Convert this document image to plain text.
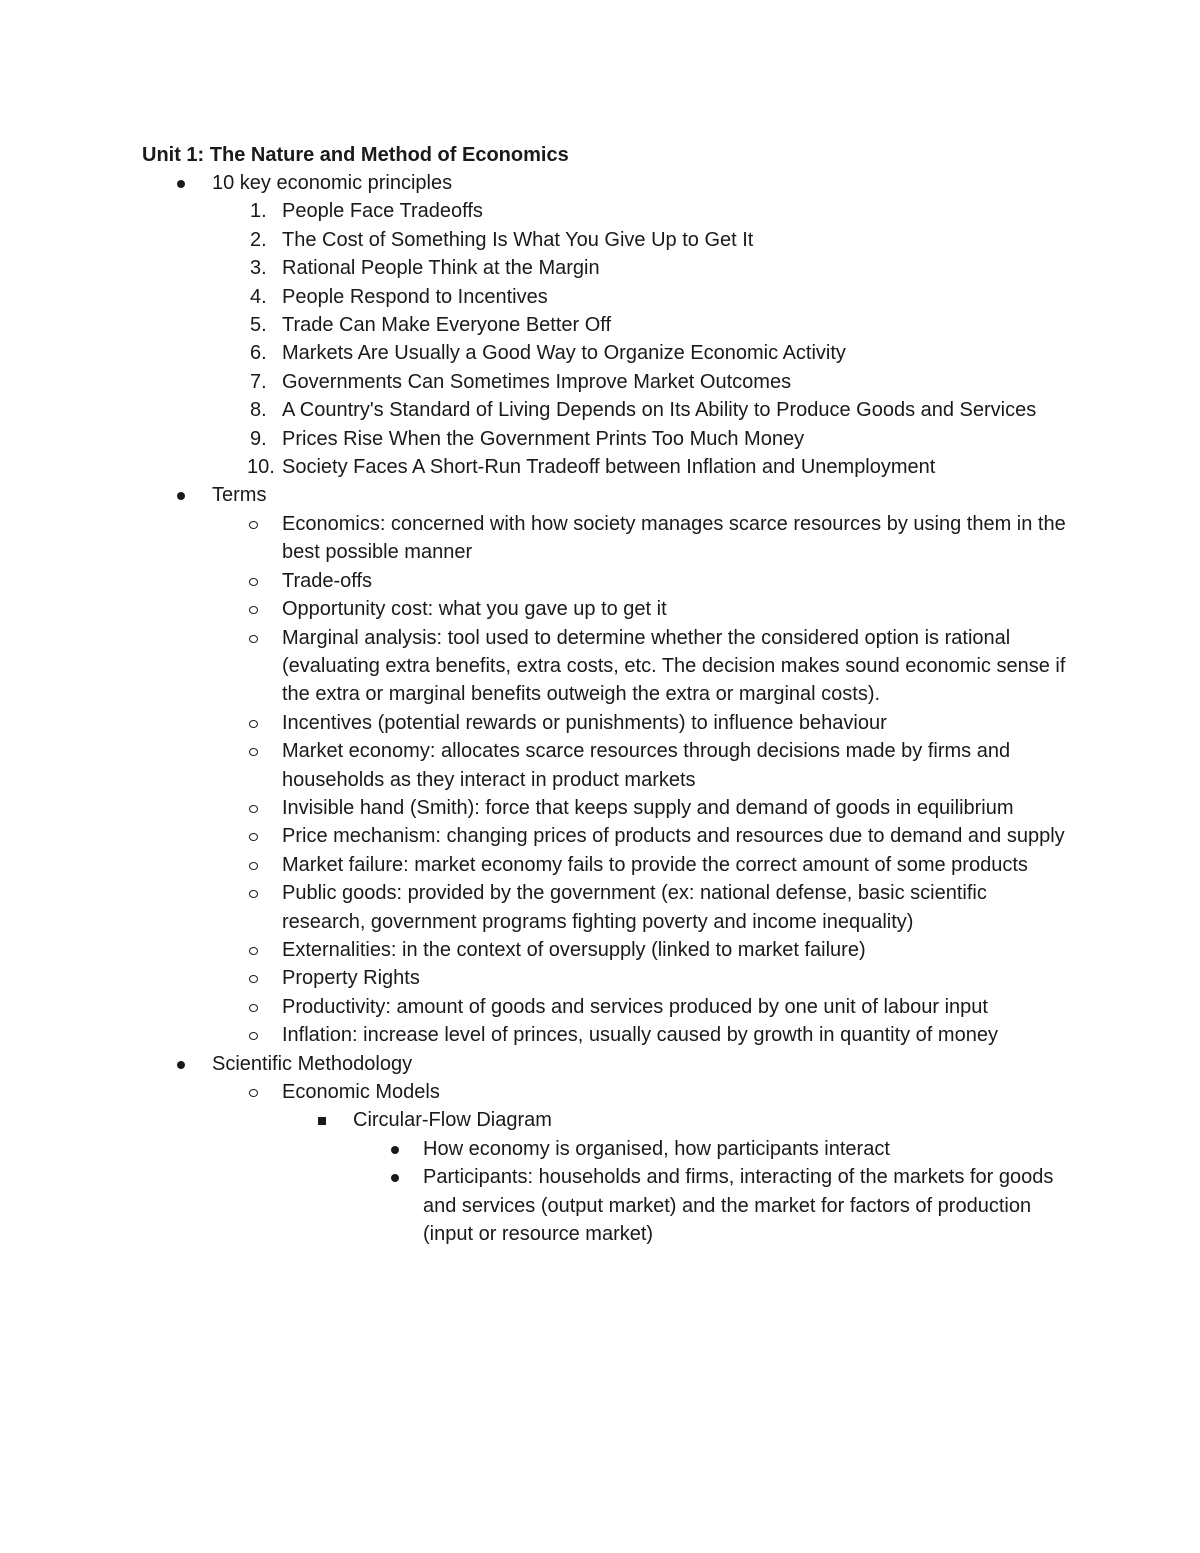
Unit 1: The Nature and Method of Economics
10 key economic principles
1. People Face Tradeoffs
2. The Cost of Something Is What You Give Up to Get It
3. Rational People Think at the Margin
4. People Respond to Incentives
5. Trade Can Make Everyone Better Off
6. Markets Are Usually a Good Way to Organize Economic Activity
7. Governments Can Sometimes Improve Market Outcomes
8. A Country's Standard of Living Depends on Its Ability to Produce Goods and Services
9. Prices Rise When the Government Prints Too Much Money
10. Society Faces A Short-Run Tradeoff between Inflation and Unemployment
Terms
Economics: concerned with how society manages scarce resources by using them in the best possible manner
Trade-offs
Opportunity cost: what you gave up to get it
Marginal analysis: tool used to determine whether the considered option is rational (evaluating extra benefits, extra costs, etc. The decision makes sound economic sense if the extra or marginal benefits outweigh the extra or marginal costs).
Incentives (potential rewards or punishments) to influence behaviour
Market economy: allocates scarce resources through decisions made by firms and households as they interact in product markets
Invisible hand (Smith): force that keeps supply and demand of goods in equilibrium
Price mechanism: changing prices of products and resources due to demand and supply
Market failure: market economy fails to provide the correct amount of some products
Public goods: provided by the government (ex: national defense, basic scientific research, government programs fighting poverty and income inequality)
Externalities: in the context of oversupply (linked to market failure)
Property Rights
Productivity: amount of goods and services produced by one unit of labour input
Inflation: increase level of princes, usually caused by growth in quantity of money
Scientific Methodology
Economic Models
Circular-Flow Diagram
How economy is organised, how participants interact
Participants: households and firms, interacting of the markets for goods and services (output market) and the market for factors of production (input or resource market)
